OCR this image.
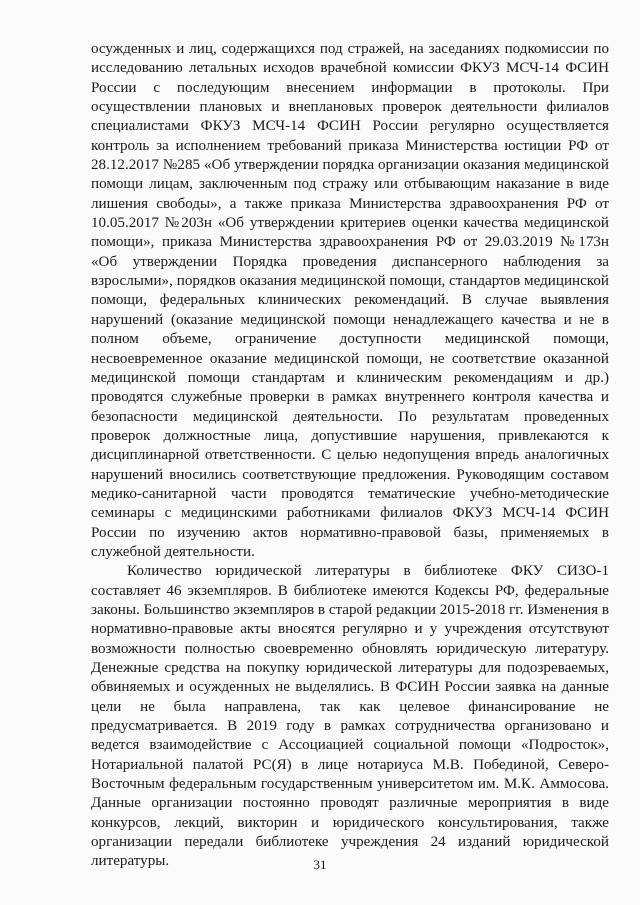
осужденных и лиц, содержащихся под стражей, на заседаниях подкомиссии по исследованию летальных исходов врачебной комиссии ФКУЗ МСЧ-14 ФСИН России с последующим внесением информации в протоколы. При осуществлении плановых и внеплановых проверок деятельности филиалов специалистами ФКУЗ МСЧ-14 ФСИН России регулярно осуществляется контроль за исполнением требований приказа Министерства юстиции РФ от 28.12.2017 №285 «Об утверждении порядка организации оказания медицинской помощи лицам, заключенным под стражу или отбывающим наказание в виде лишения свободы», а также приказа Министерства здравоохранения РФ от 10.05.2017 №203н «Об утверждении критериев оценки качества медицинской помощи», приказа Министерства здравоохранения РФ от 29.03.2019 №173н «Об утверждении Порядка проведения диспансерного наблюдения за взрослыми», порядков оказания медицинской помощи, стандартов медицинской помощи, федеральных клинических рекомендаций. В случае выявления нарушений (оказание медицинской помощи ненадлежащего качества и не в полном объеме, ограничение доступности медицинской помощи, несвоевременное оказание медицинской помощи, не соответствие оказанной медицинской помощи стандартам и клиническим рекомендациям и др.) проводятся служебные проверки в рамках внутреннего контроля качества и безопасности медицинской деятельности. По результатам проведенных проверок должностные лица, допустившие нарушения, привлекаются к дисциплинарной ответственности. С целью недопущения впредь аналогичных нарушений вносились соответствующие предложения. Руководящим составом медико-санитарной части проводятся тематические учебно-методические семинары с медицинскими работниками филиалов ФКУЗ МСЧ-14 ФСИН России по изучению актов нормативно-правовой базы, применяемых в служебной деятельности.

Количество юридической литературы в библиотеке ФКУ СИЗО-1 составляет 46 экземпляров. В библиотеке имеются Кодексы РФ, федеральные законы. Большинство экземпляров в старой редакции 2015-2018 гг. Изменения в нормативно-правовые акты вносятся регулярно и у учреждения отсутствуют возможности полностью своевременно обновлять юридическую литературу. Денежные средства на покупку юридической литературы для подозреваемых, обвиняемых и осужденных не выделялись. В ФСИН России заявка на данные цели не была направлена, так как целевое финансирование не предусматривается. В 2019 году в рамках сотрудничества организовано и ведется взаимодействие с Ассоциацией социальной помощи «Подросток», Нотариальной палатой РС(Я) в лице нотариуса М.В. Побединой, Северо-Восточным федеральным государственным университетом им. М.К. Аммосова. Данные организации постоянно проводят различные мероприятия в виде конкурсов, лекций, викторин и юридического консультирования, также организации передали библиотеке учреждения 24 изданий юридической литературы.	31
